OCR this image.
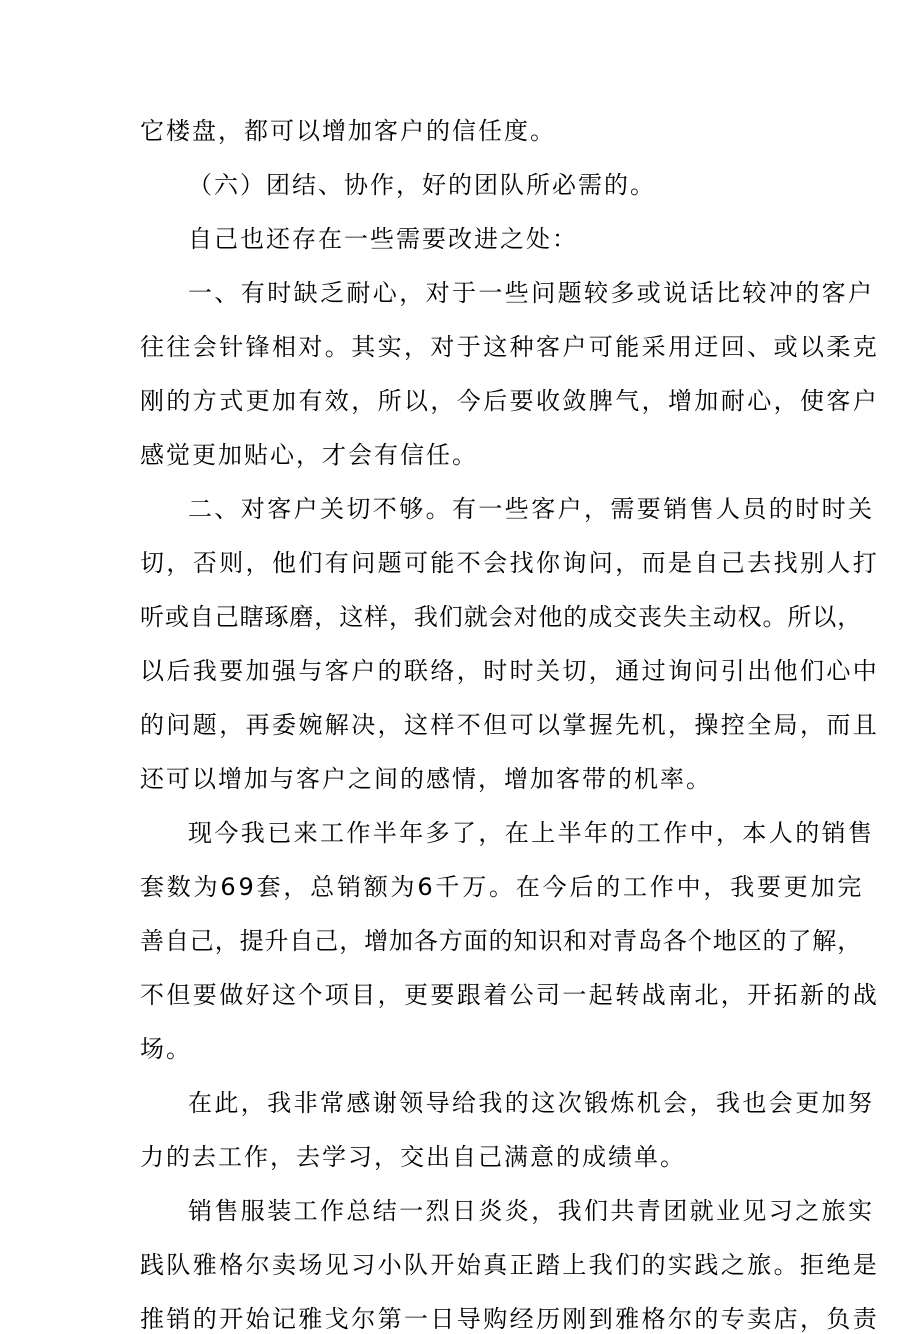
它楼盘，都可以增加客户的信任度。
（六）团结、协作，好的团队所必需的。
自己也还存在一些需要改进之处：
一、有时缺乏耐心，对于一些问题较多或说话比较冲的客户
往往会针锋相对。其实，对于这种客户可能采用迂回、或以柔克
刚的方式更加有效，所以，今后要收敛脾气，增加耐心，使客户
感觉更加贴心，才会有信任。
二、对客户关切不够。有一些客户，需要销售人员的时时关
切，否则，他们有问题可能不会找你询问，而是自己去找别人打
听或自己瞎琢磨，这样，我们就会对他的成交丧失主动权。所以，
以后我要加强与客户的联络，时时关切，通过询问引出他们心中
的问题，再委婉解决，这样不但可以掌握先机，操控全局，而且
还可以增加与客户之间的感情，增加客带的机率。
现今我已来工作半年多了，在上半年的工作中，本人的销售
套数为69套，总销额为6千万。在今后的工作中，我要更加完
善自己，提升自己，增加各方面的知识和对青岛各个地区的了解，
不但要做好这个项目，更要跟着公司一起转战南北，开拓新的战
场。
在此，我非常感谢领导给我的这次锻炼机会，我也会更加努
力的去工作，去学习，交出自己满意的成绩单。
销售服装工作总结一烈日炎炎，我们共青团就业见习之旅实
践队雅格尔卖场见习小队开始真正踏上我们的实践之旅。拒绝是
推销的开始记雅戈尔第一日导购经历刚到雅格尔的专卖店，负责
